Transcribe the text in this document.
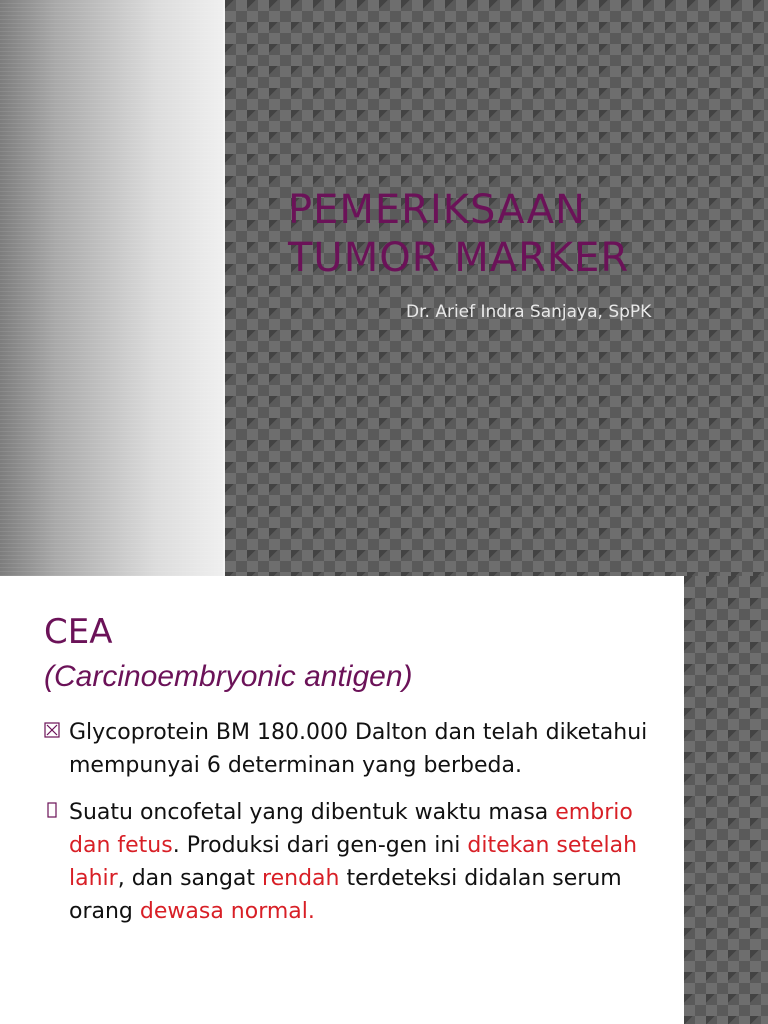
PEMERIKSAAN
TUMOR MARKER
Dr. Arief Indra Sanjaya, SpPK
CEA
(Carcinoembryonic antigen)
Glycoprotein BM 180.000 Dalton dan telah diketahui mempunyai 6 determinan yang berbeda.
Suatu oncofetal yang dibentuk waktu masa embrio dan fetus. Produksi dari gen-gen ini ditekan setelah lahir, dan sangat rendah terdeteksi didalan serum orang dewasa normal.
